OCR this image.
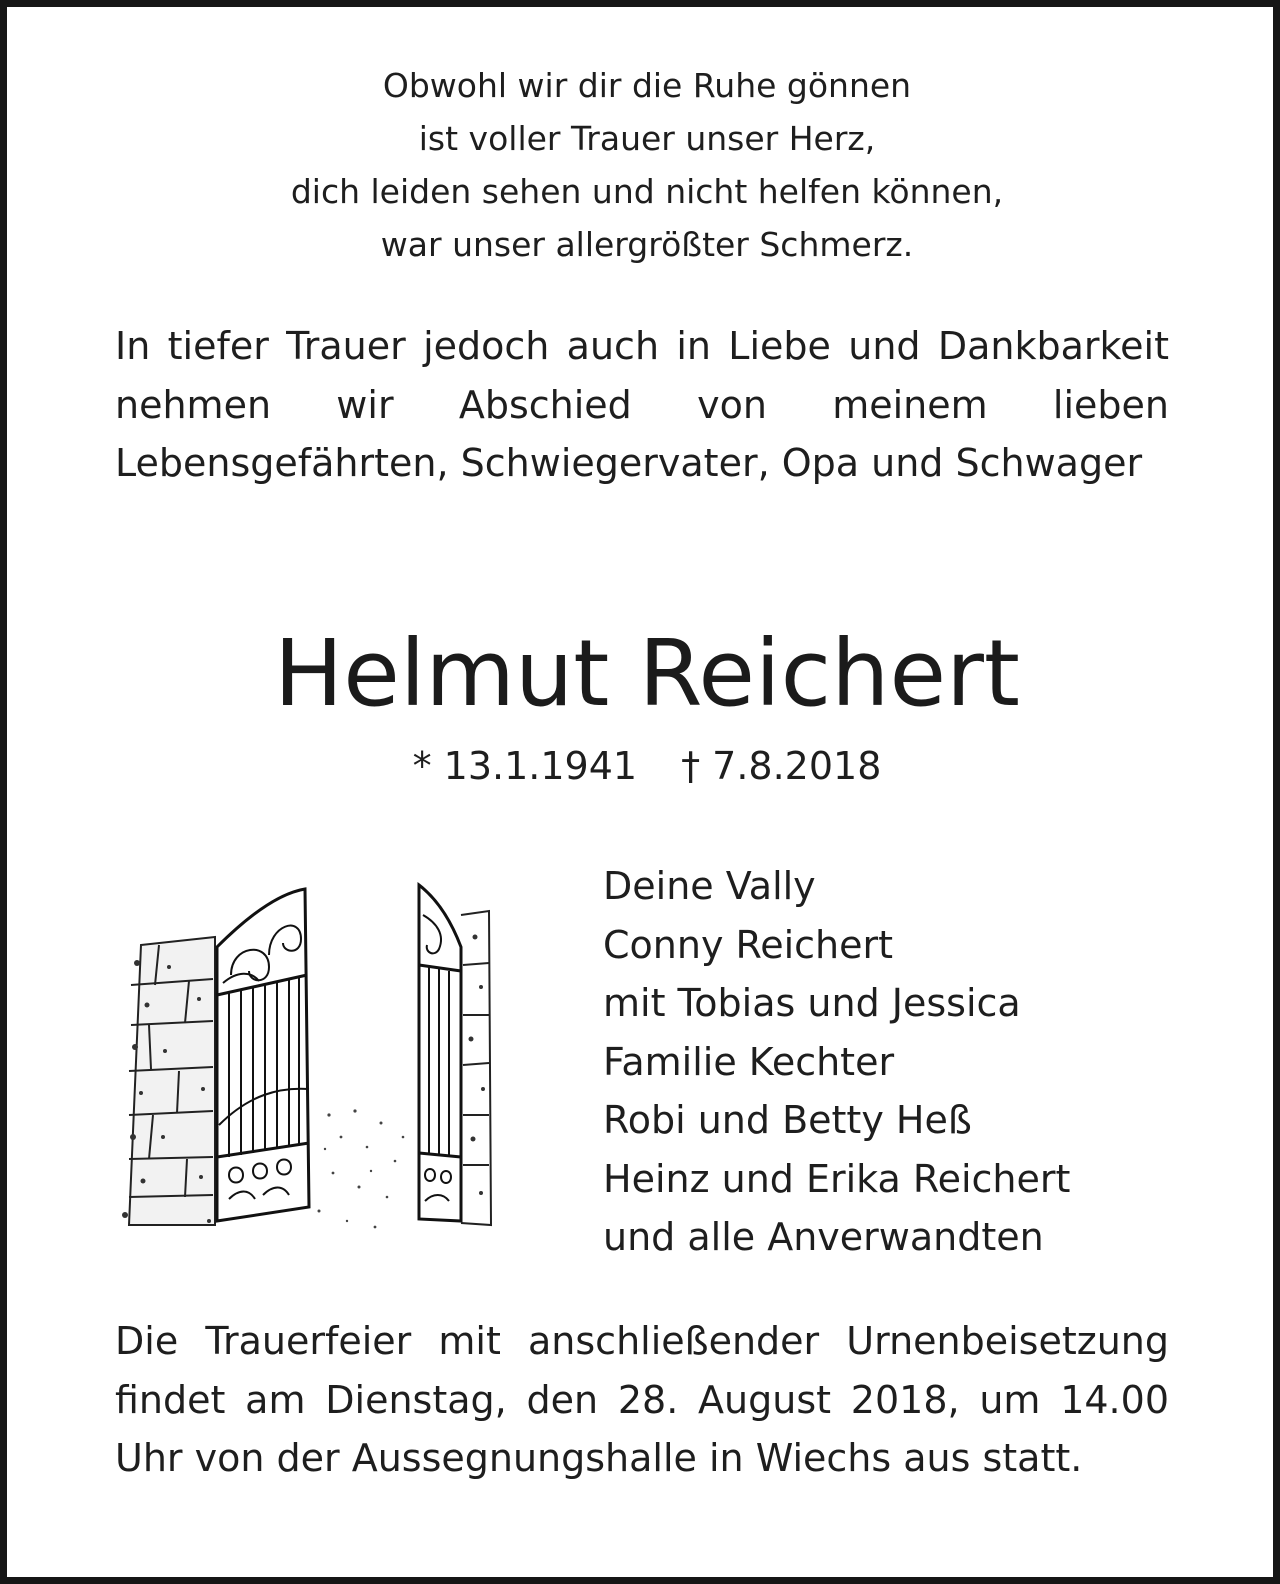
Obwohl wir dir die Ruhe gönnen
ist voller Trauer unser Herz,
dich leiden sehen und nicht helfen können,
war unser allergrößter Schmerz.
In tiefer Trauer jedoch auch in Liebe und Dankbarkeit nehmen wir Abschied von meinem lieben Lebensgefährten, Schwiegervater, Opa und Schwager
Helmut Reichert
* 13.1.1941 † 7.8.2018
Deine Vally
Conny Reichert
mit Tobias und Jessica
Familie Kechter
Robi und Betty Heß
Heinz und Erika Reichert
und alle Anverwandten
Die Trauerfeier mit anschließender Urnenbeisetzung findet am Dienstag, den 28. August 2018, um 14.00 Uhr von der Aussegnungshalle in Wiechs aus statt.
